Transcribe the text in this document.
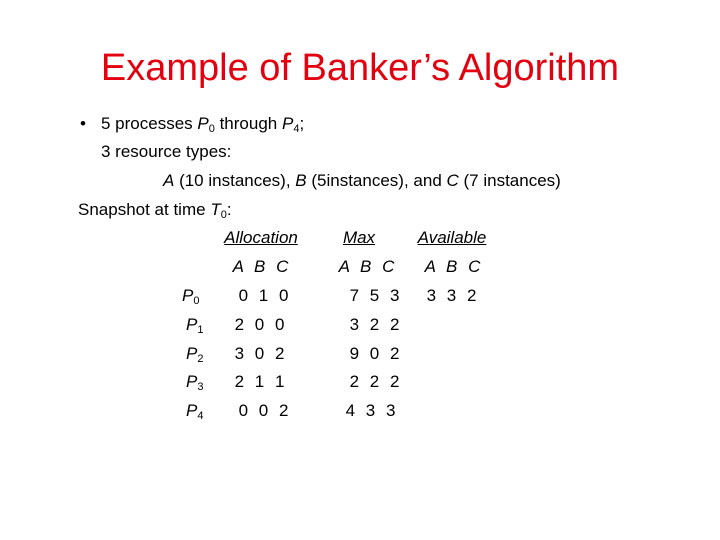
Example of Banker’s Algorithm
• 5 processes $P_0$ through $P_4$;
3 resource types:
A (10 instances), B (5instances), and C (7 instances)
Snapshot at time $T_0$:
Allocation	Max	Available
A B C	A B C	A B C
$P_0$	0 1 0	7 5 3	3 3 2
$P_1$	2 0 0	3 2 2
$P_2$	3 0 2	9 0 2
$P_3$	2 1 1	2 2 2
$P_4$	0 0 2	4 3 3
